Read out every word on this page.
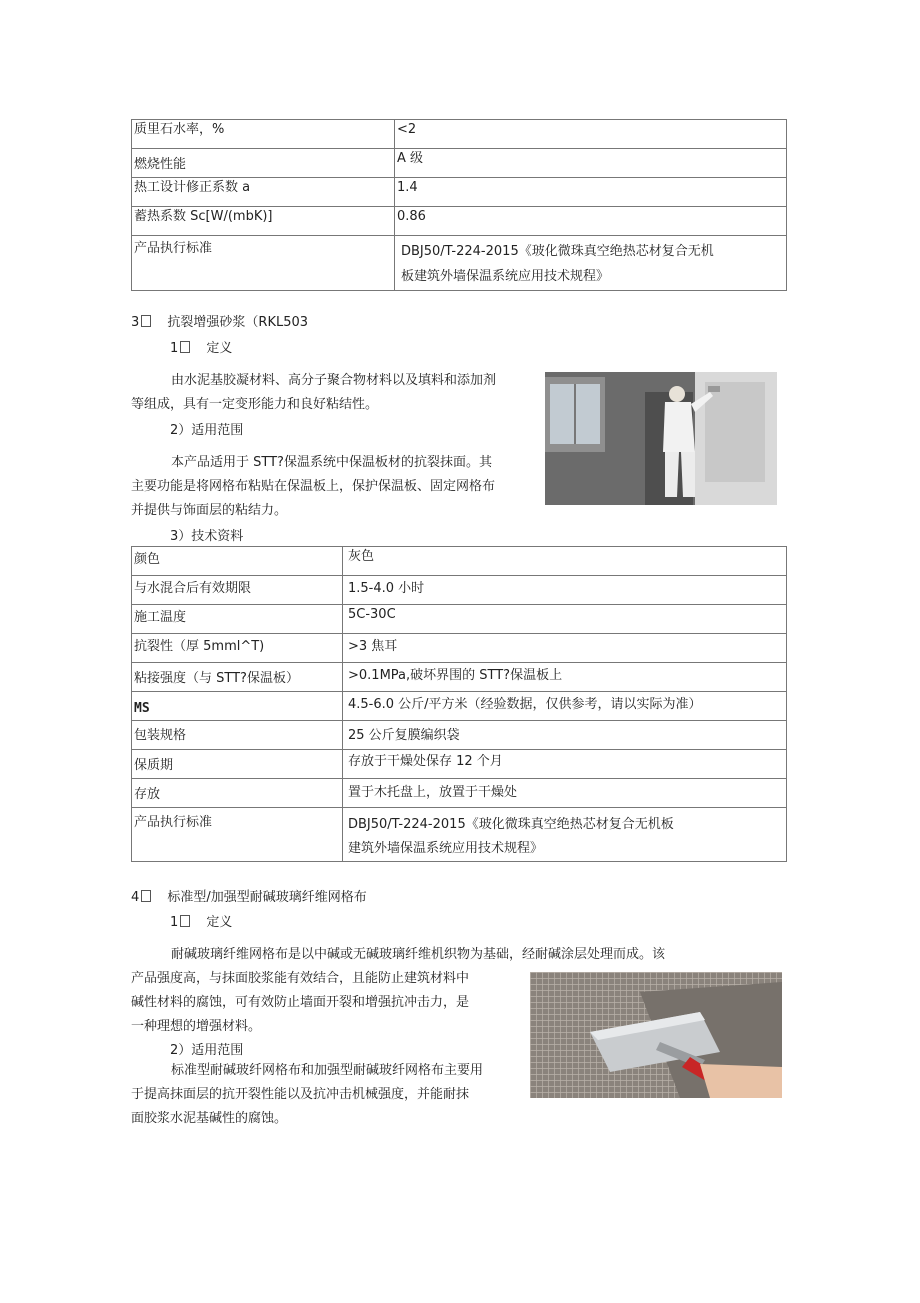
质里石水率，%	<2
燃烧性能	A 级
热工设计修正系数 a	1.4
蓄热系数 Sc[W/(mbK)]	0.86
产品执行标准	DBJ50/T-224-2015《玻化微珠真空绝热芯材复合无机
板建筑外墙保温系统应用技术规程》
3 抗裂增强砂浆（RKL503
1 定义
由水泥基胶凝材料、高分子聚合物材料以及填料和添加剂
等组成，具有一定变形能力和良好粘结性。
2）适用范围
本产品适用于 STT?保温系统中保温板材的抗裂抹面。其
主要功能是将网格布粘贴在保温板上，保护保温板、固定网格布
并提供与饰面层的粘结力。
3）技术资料
颜色	灰色
与水混合后有效期限	1.5-4.0 小时
施工温度	5C-30C
抗裂性（厚 5mml^T)	>3 焦耳
粘接强度（与 STT?保温板）	>0.1MPa,破坏界围的 STT?保温板上
MS	4.5-6.0 公斤/平方米（经验数据，仅供参考，请以实际为准）
包装规格	25 公斤复膜编织袋
保质期	存放于干燥处保存 12 个月
存放	置于木托盘上，放置于干燥处
产品执行标准	DBJ50/T-224-2015《玻化微珠真空绝热芯材复合无机板
建筑外墙保温系统应用技术规程》
4 标准型/加强型耐碱玻璃纤维网格布
1 定义
耐碱玻璃纤维网格布是以中碱或无碱玻璃纤维机织物为基础，经耐碱涂层处理而成。该
产品强度高，与抹面胶浆能有效结合，且能防止建筑材料中
碱性材料的腐蚀，可有效防止墙面开裂和增强抗冲击力，是
一种理想的增强材料。
2）适用范围
标准型耐碱玻纤网格布和加强型耐碱玻纤网格布主要用
于提高抹面层的抗开裂性能以及抗冲击机械强度，并能耐抹
面胶浆水泥基碱性的腐蚀。
